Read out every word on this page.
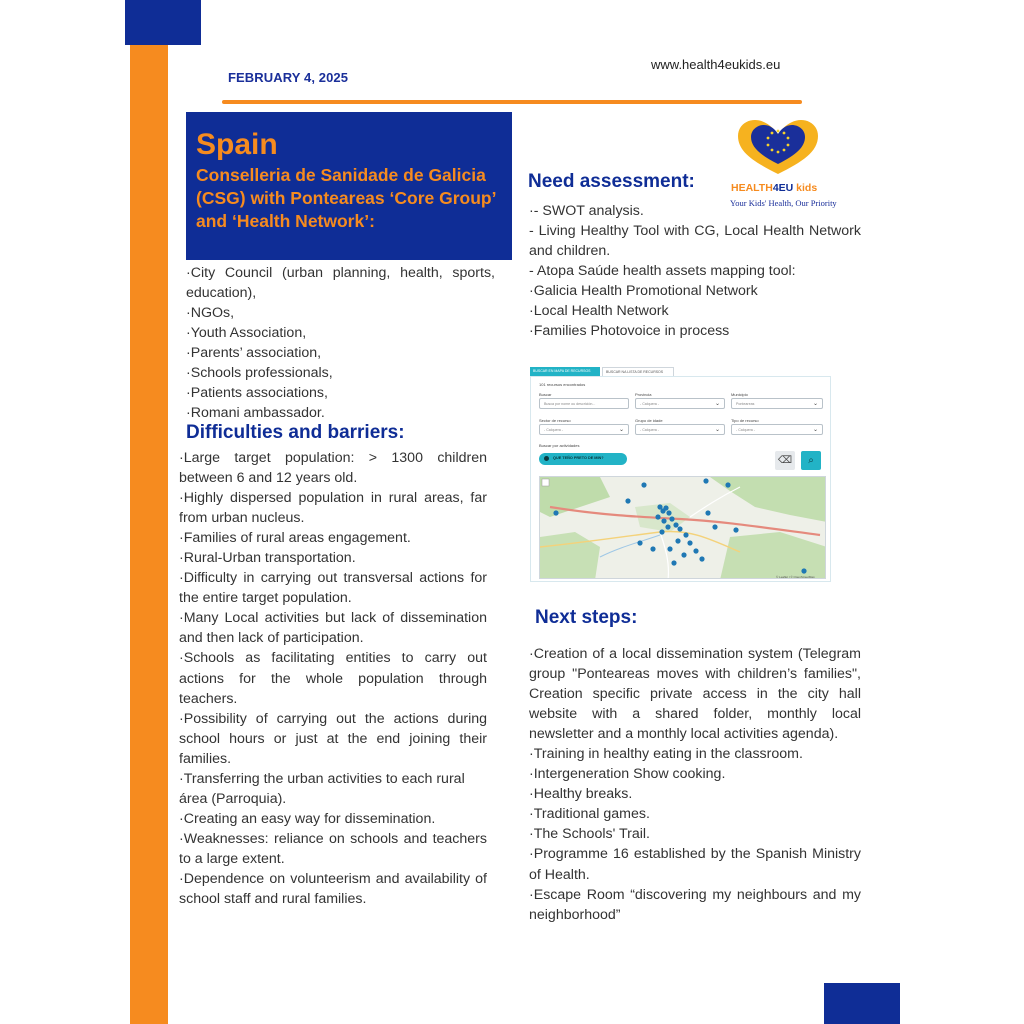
FEBRUARY 4, 2025
www.health4eukids.eu
Spain
Conselleria de Sanidade de Galicia (CSG) with Ponteareas ‘Core Group’ and ‘Health Network’:

·City Council (urban planning, health, sports, education),

·NGOs,

·Youth Association,

·Parents’ association,

·Schools professionals,

·Patients associations,

·Romani ambassador.

Difficulties and barriers:

·Large target population: > 1300 children between 6 and 12 years old.

·Highly dispersed population in rural areas, far from urban nucleus.

·Families of rural areas engagement.

·Rural-Urban transportation.

·Difficulty in carrying out transversal actions for the entire target population.

·Many Local activities but lack of dissemination and then lack of participation.

·Schools as facilitating entities to carry out actions for the whole population through teachers.

·Possibility of carrying out the actions during school hours or just at the end joining their families.

·Transferring the urban activities to each rural

área (Parroquia).

·Creating an easy way for dissemination.

·Weaknesses: reliance on schools and teachers to a large extent.

·Dependence on volunteerism and availability of school staff and rural families.

HEALTH4EU kids
Your Kids' Health, Our Priority
Need assessment:

·- SWOT analysis.

- Living Healthy Tool with CG, Local Health Network and children.

- Atopa Saúde health assets mapping tool:

·Galicia Health Promotional Network

·Local Health Network

·Families Photovoice in process

BUSCAR EN MAPA DE RECURSOS	BUSCAR NA LISTA DE RECURSOS
101 recursos encontrados
Buscar
Busca por nome ou descrición...
Provincia
- Calquera -	⌄
Municipio
Ponteareas	⌄
Sector de recurso
- Calquera -	⌄
Grupo de idade
- Calquera -	⌄
Tipo de recurso
- Calquera -	⌄
Buscar por actividades
QUE TEÑO PRETO DE MIN?	⌫ ⌕
© Leaflet | © OpenStreetMap
Next steps:

·Creation of a local dissemination system (Telegram group "Ponteareas moves with children’s families", Creation specific private access in the city hall website with a shared folder, monthly local newsletter and a monthly local activities agenda).

·Training in healthy eating in the classroom.

·Intergeneration Show cooking.

·Healthy breaks.

·Traditional games.

·The Schools' Trail.

·Programme 16 established by the Spanish Ministry of Health.

·Escape Room “discovering my neighbours and my neighborhood”
